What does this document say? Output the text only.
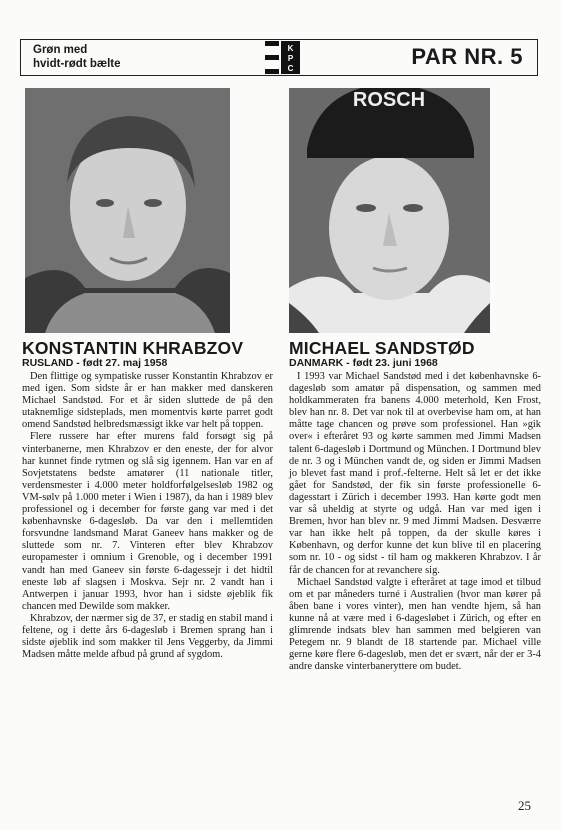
Grøn med
hvidt-rødt bælte
K
P
C	PAR NR. 5
ROSCH
KONSTANTIN KHRABZOV
RUSLAND - født 27. maj 1958

Den flittige og sympatiske russer Konstantin Khrabzov er med igen. Som sidste år er han makker med danskeren Michael Sandstød. For et år siden sluttede de på den utaknemlige sidsteplads, men momentvis kørte parret godt omend Sandstød helbredsmæssigt ikke var helt på toppen.

Flere russere har efter murens fald forsøgt sig på vinterbanerne, men Khrabzov er den eneste, der for alvor har kunnet finde rytmen og slå sig igennem. Han var en af Sovjetstatens bedste amatører (11 nationale titler, verdensmester i 4.000 meter holdforfølgelsesløb 1982 og VM-sølv på 1.000 meter i Wien i 1987), da han i 1989 blev professionel og i december for første gang var med i det københavnske 6-dagesløb. Da var den i mellemtiden forsvundne landsmand Marat Ganeev hans makker og de sluttede som nr. 7. Vinteren efter blev Khrabzov europamester i omnium i Grenoble, og i december 1991 vandt han med Ganeev sin første 6-dagessejr i det hidtil eneste løb af slagsen i Moskva. Sejr nr. 2 vandt han i Antwerpen i januar 1993, hvor han i sidste øjeblik fik chancen med Dewilde som makker.

Khrabzov, der nærmer sig de 37, er stadig en stabil mand i feltene, og i dette års 6-dagesløb i Bremen sprang han i sidste øjeblik ind som makker til Jens Veggerby, da Jimmi Madsen måtte melde afbud på grund af sygdom.

MICHAEL SANDSTØD
DANMARK - født 23. juni 1968

I 1993 var Michael Sandstød med i det københavnske 6-dagesløb som amatør på dispensation, og sammen med holdkammeraten fra banens 4.000 meterhold, Ken Frost, blev han nr. 8. Det var nok til at overbevise ham om, at han måtte tage chancen og prøve som professionel. Han »gik over« i efteråret 93 og kørte sammen med Jimmi Madsen talent 6-dagesløb i Dortmund og München. I Dortmund blev de nr. 3 og i München vandt de, og siden er Jimmi Madsen jo blevet fast mand i prof.-felterne. Helt så let er det ikke gået for Sandstød, der fik sin første professionelle 6-dagesstart i Zürich i december 1993. Han kørte godt men var så uheldig at styrte og udgå. Han var med igen i Bremen, hvor han blev nr. 9 med Jimmi Madsen. Desværre var han ikke helt på toppen, da der skulle køres i København, og derfor kunne det kun blive til en placering som nr. 10 - og sidst - til ham og makkeren Khrabzov. I år får de chancen for at revanchere sig.

Michael Sandstød valgte i efteråret at tage imod et tilbud om et par måneders turné i Australien (hvor man kører på åben bane i vores vinter), men han vendte hjem, så han kunne nå at være med i 6-dagesløbet i Zürich, og efter en glimrende indsats blev han sammen med belgieren van Petegem nr. 9 blandt de 18 startende par. Michael ville gerne køre flere 6-dagesløb, men det er svært, når der er 3-4 andre danske vinterbaneryttere om budet.

25
